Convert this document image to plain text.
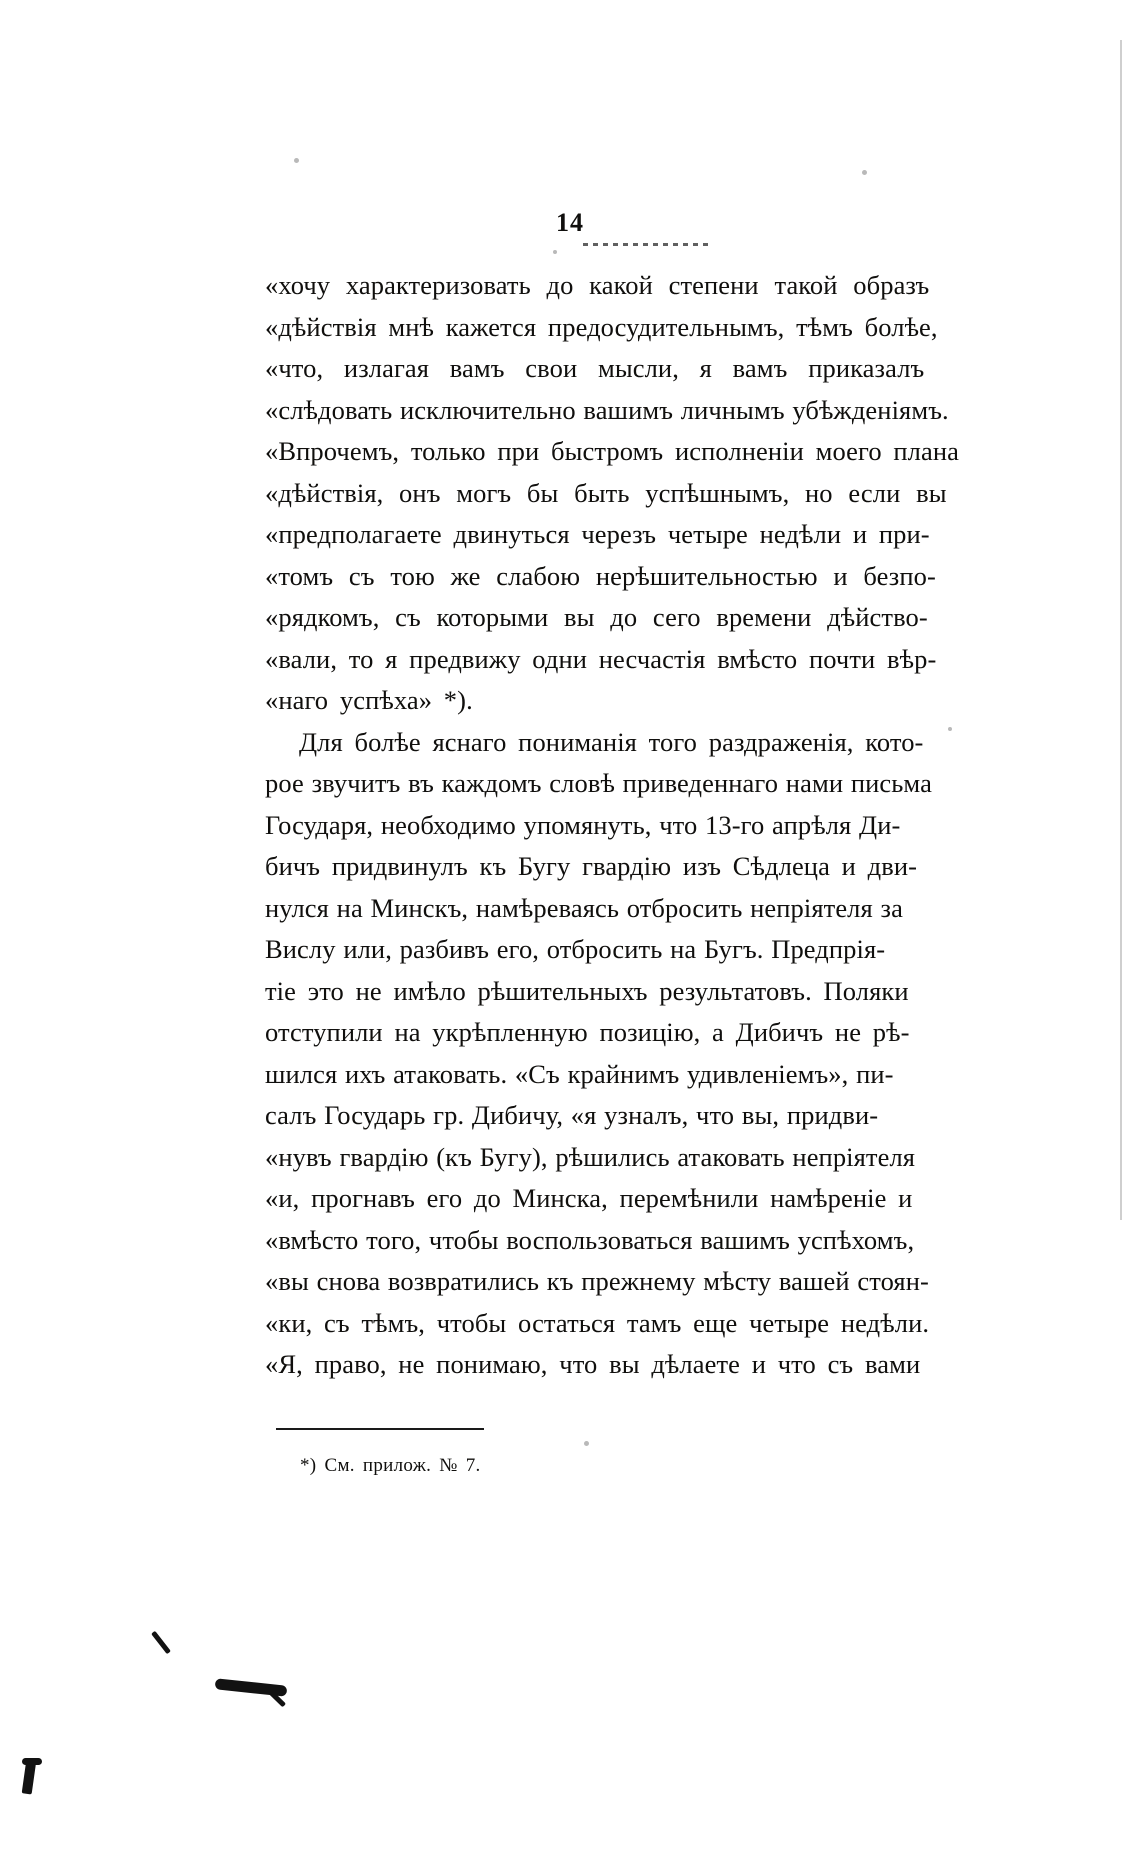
14
«хочу характеризовать до какой степени такой образъ
«дѣйствія мнѣ кажется предосудительнымъ, тѣмъ болѣе,
«что, излагая вамъ свои мысли, я вамъ приказалъ
«слѣдовать исключительно вашимъ личнымъ убѣжденіямъ.
«Впрочемъ, только при быстромъ исполненіи моего плана
«дѣйствія, онъ могъ бы быть успѣшнымъ, но если вы
«предполагаете двинуться черезъ четыре недѣли и при-
«томъ съ тою же слабою нерѣшительностью и безпо-
«рядкомъ, съ которыми вы до сего времени дѣйство-
«вали, то я предвижу одни несчастія вмѣсто почти вѣр-
«наго успѣха» *).
Для болѣе яснаго пониманія того раздраженія, кото-
рое звучитъ въ каждомъ словѣ приведеннаго нами письма
Государя, необходимо упомянуть, что 13-го апрѣля Ди-
бичъ придвинулъ къ Бугу гвардію изъ Сѣдлеца и дви-
нулся на Минскъ, намѣреваясь отбросить непріятеля за
Вислу или, разбивъ его, отбросить на Бугъ. Предпрія-
тіе это не имѣло рѣшительныхъ результатовъ. Поляки
отступили на укрѣпленную позицію, а Дибичъ не рѣ-
шился ихъ атаковать. «Съ крайнимъ удивленіемъ», пи-
салъ Государь гр. Дибичу, «я узналъ, что вы, придви-
«нувъ гвардію (къ Бугу), рѣшились атаковать непріятеля
«и, прогнавъ его до Минска, перемѣнили намѣреніе и
«вмѣсто того, чтобы воспользоваться вашимъ успѣхомъ,
«вы снова возвратились къ прежнему мѣсту вашей стоян-
«ки, съ тѣмъ, чтобы остаться тамъ еще четыре недѣли.
«Я, право, не понимаю, что вы дѣлаете и что съ вами
*) См. прилож. № 7.
